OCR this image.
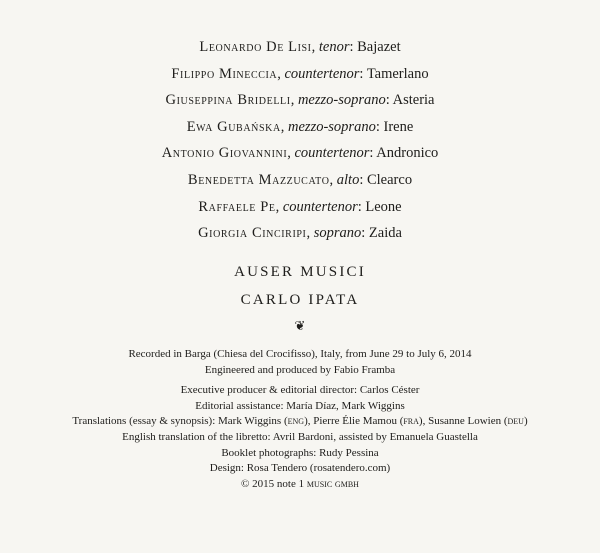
Leonardo De Lisi, tenor: Bajazet
Filippo Mineccia, countertenor: Tamerlano
Giuseppina Bridelli, mezzo-soprano: Asteria
Ewa Gubańska, mezzo-soprano: Irene
Antonio Giovannini, countertenor: Andronico
Benedetta Mazzucato, alto: Clearco
Raffaele Pe, countertenor: Leone
Giorgia Cinciripi, soprano: Zaida
AUSER MUSICI
CARLO IPATA
❦
Recorded in Barga (Chiesa del Crocifisso), Italy, from June 29 to July 6, 2014
Engineered and produced by Fabio Framba
Executive producer & editorial director: Carlos Céster
Editorial assistance: María Díaz, Mark Wiggins
Translations (essay & synopsis): Mark Wiggins (eng), Pierre Élie Mamou (fra), Susanne Lowien (deu)
English translation of the libretto: Avril Bardoni, assisted by Emanuela Guastella
Booklet photographs: Rudy Pessina
Design: Rosa Tendero (rosatendero.com)
© 2015 note 1 music gmbh
